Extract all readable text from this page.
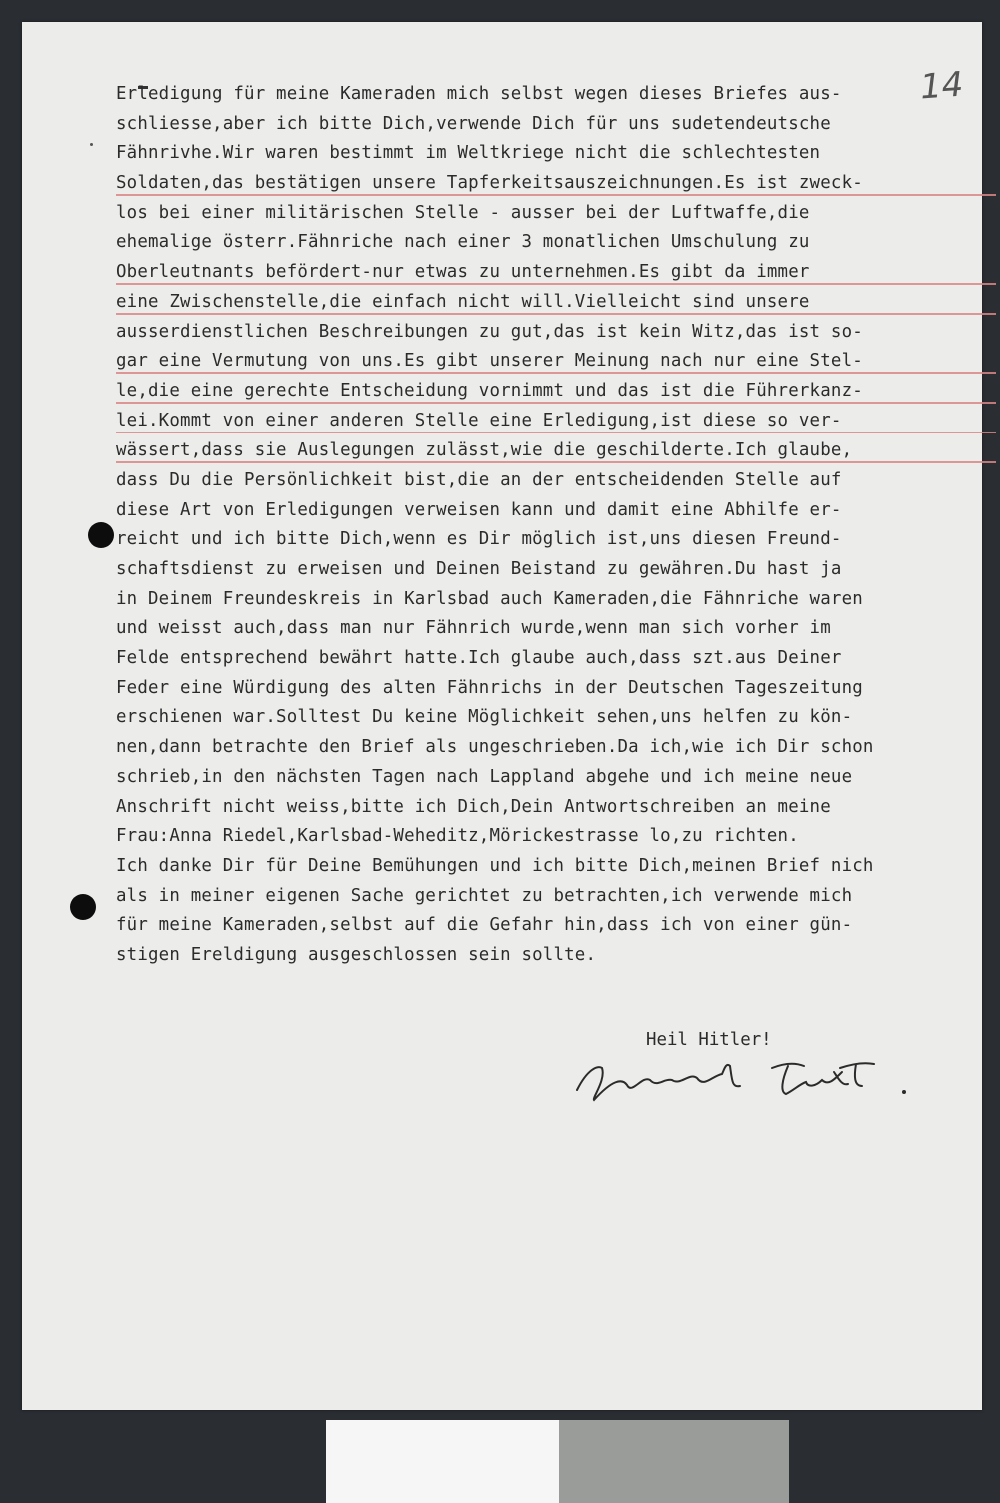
14
Heil Hitler!
Erledigung für meine Kameraden mich selbst wegen dieses Briefes aus-
schliesse,aber ich bitte Dich,verwende Dich für uns sudetendeutsche
Fähnrivhe.Wir waren bestimmt im Weltkriege nicht die schlechtesten
Soldaten,das bestätigen unsere Tapferkeitsauszeichnungen.Es ist zweck-
los bei einer militärischen Stelle - ausser bei der Luftwaffe,die
ehemalige österr.Fähnriche nach einer 3 monatlichen Umschulung zu
Oberleutnants befördert-nur etwas zu unternehmen.Es gibt da immer
eine Zwischenstelle,die einfach nicht will.Vielleicht sind unsere
ausserdienstlichen Beschreibungen zu gut,das ist kein Witz,das ist so-
gar eine Vermutung von uns.Es gibt unserer Meinung nach nur eine Stel-
le,die eine gerechte Entscheidung vornimmt und das ist die Führerkanz-
lei.Kommt von einer anderen Stelle eine Erledigung,ist diese so ver-
wässert,dass sie Auslegungen zulässt,wie die geschilderte.Ich glaube,
dass Du die Persönlichkeit bist,die an der entscheidenden Stelle auf
diese Art von Erledigungen verweisen kann und damit eine Abhilfe er-
reicht und ich bitte Dich,wenn es Dir möglich ist,uns diesen Freund-
schaftsdienst zu erweisen und Deinen Beistand zu gewähren.Du hast ja
in Deinem Freundeskreis in Karlsbad auch Kameraden,die Fähnriche waren
und weisst auch,dass man nur Fähnrich wurde,wenn man sich vorher im
Felde entsprechend bewährt hatte.Ich glaube auch,dass szt.aus Deiner
Feder eine Würdigung des alten Fähnrichs in der Deutschen Tageszeitung
erschienen war.Solltest Du keine Möglichkeit sehen,uns helfen zu kön-
nen,dann betrachte den Brief als ungeschrieben.Da ich,wie ich Dir schon
schrieb,in den nächsten Tagen nach Lappland abgehe und ich meine neue
Anschrift nicht weiss,bitte ich Dich,Dein Antwortschreiben an meine
Frau:Anna Riedel,Karlsbad-Weheditz,Mörickestrasse lo,zu richten.
Ich danke Dir für Deine Bemühungen und ich bitte Dich,meinen Brief nich
als in meiner eigenen Sache gerichtet zu betrachten,ich verwende mich
für meine Kameraden,selbst auf die Gefahr hin,dass ich von einer gün-
stigen Ereldigung ausgeschlossen sein sollte.
